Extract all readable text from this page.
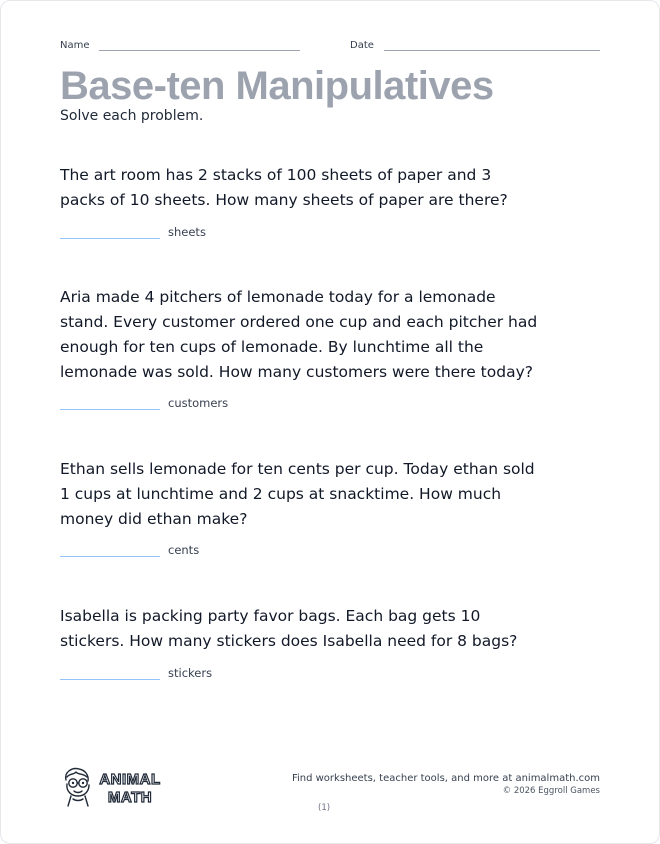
Name	Date
Base-ten Manipulatives
Solve each problem.

The art room has 2 stacks of 100 sheets of paper and 3 packs of 10 sheets. How many sheets of paper are there?

sheets

Aria made 4 pitchers of lemonade today for a lemonade stand. Every customer ordered one cup and each pitcher had enough for ten cups of lemonade. By lunchtime all the lemonade was sold. How many customers were there today?

customers

Ethan sells lemonade for ten cents per cup. Today ethan sold 1 cups at lunchtime and 2 cups at snacktime. How much money did ethan make?

cents

Isabella is packing party favor bags. Each bag gets 10 stickers. How many stickers does Isabella need for 8 bags?

stickers
ANIMAL
MATH
Find worksheets, teacher tools, and more at animalmath.com
© 2026 Eggroll Games
(1)
